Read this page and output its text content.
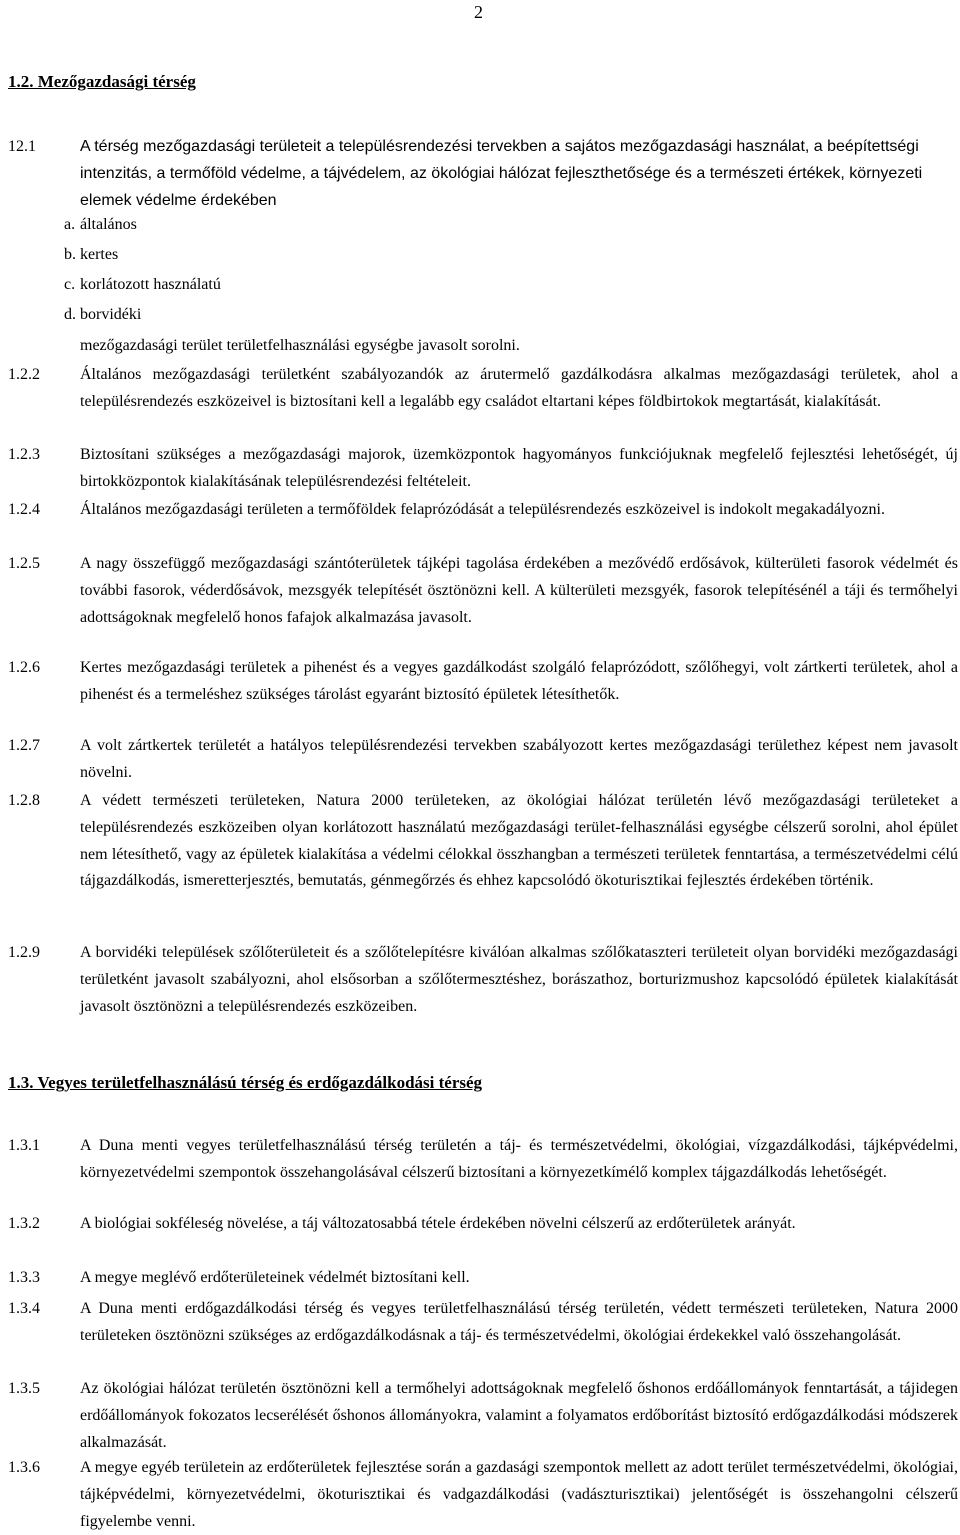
2
1.2. Mezőgazdasági térség
12.1	A térség mezőgazdasági területeit a településrendezési tervekben a sajátos mezőgazdasági használat, a beépítettségi intenzitás, a termőföld védelme, a tájvédelem, az ökológiai hálózat fejleszthetősége és a természeti értékek, környezeti elemek védelme érdekében
a. általános
b. kertes
c. korlátozott használatú
d. borvidéki
mezőgazdasági terület területfelhasználási egységbe javasolt sorolni.
1.2.2	Általános mezőgazdasági területként szabályozandók az árutermelő gazdálkodásra alkalmas mezőgazdasági területek, ahol a településrendezés eszközeivel is biztosítani kell a legalább egy családot eltartani képes földbirtokok megtartását, kialakítását.
1.2.3	Biztosítani szükséges a mezőgazdasági majorok, üzemközpontok hagyományos funkciójuknak megfelelő fejlesztési lehetőségét, új birtokközpontok kialakításának településrendezési feltételeit.
1.2.4	Általános mezőgazdasági területen a termőföldek felaprózódását a településrendezés eszközeivel is indokolt megakadályozni.
1.2.5	A nagy összefüggő mezőgazdasági szántóterületek tájképi tagolása érdekében a mezővédő erdősávok, külterületi fasorok védelmét és további fasorok, véderdősávok, mezsgyék telepítését ösztönözni kell. A külterületi mezsgyék, fasorok telepítésénél a táji és termőhelyi adottságoknak megfelelő honos fafajok alkalmazása javasolt.
1.2.6	Kertes mezőgazdasági területek a pihenést és a vegyes gazdálkodást szolgáló felaprózódott, szőlőhegyi, volt zártkerti területek, ahol a pihenést és a termeléshez szükséges tárolást egyaránt biztosító épületek létesíthetők.
1.2.7	A volt zártkertek területét a hatályos településrendezési tervekben szabályozott kertes mezőgazdasági területhez képest nem javasolt növelni.
1.2.8	A védett természeti területeken, Natura 2000 területeken, az ökológiai hálózat területén lévő mezőgazdasági területeket a településrendezés eszközeiben olyan korlátozott használatú mezőgazdasági terület-felhasználási egységbe célszerű sorolni, ahol épület nem létesíthető, vagy az épületek kialakítása a védelmi célokkal összhangban a természeti területek fenntartása, a természetvédelmi célú tájgazdálkodás, ismeretterjesztés, bemutatás, génmegőrzés és ehhez kapcsolódó ökoturisztikai fejlesztés érdekében történik.
1.2.9	A borvidéki települések szőlőterületeit és a szőlőtelepítésre kiválóan alkalmas szőlőkataszteri területeit olyan borvidéki mezőgazdasági területként javasolt szabályozni, ahol elsősorban a szőlőtermesztéshez, borászathoz, borturizmushoz kapcsolódó épületek kialakítását javasolt ösztönözni a településrendezés eszközeiben.
1.3. Vegyes területfelhasználású térség és erdőgazdálkodási térség
1.3.1	A Duna menti vegyes területfelhasználású térség területén a táj- és természetvédelmi, ökológiai, vízgazdálkodási, tájképvédelmi, környezetvédelmi szempontok összehangolásával célszerű biztosítani a környezetkímélő komplex tájgazdálkodás lehetőségét.
1.3.2	A biológiai sokféleség növelése, a táj változatosabbá tétele érdekében növelni célszerű az erdőterületek arányát.
1.3.3	A megye meglévő erdőterületeinek védelmét biztosítani kell.
1.3.4	A Duna menti erdőgazdálkodási térség és vegyes területfelhasználású térség területén, védett természeti területeken, Natura 2000 területeken ösztönözni szükséges az erdőgazdálkodásnak a táj- és természetvédelmi, ökológiai érdekekkel való összehangolását.
1.3.5	Az ökológiai hálózat területén ösztönözni kell a termőhelyi adottságoknak megfelelő őshonos erdőállományok fenntartását, a tájidegen erdőállományok fokozatos lecserélését őshonos állományokra, valamint a folyamatos erdőborítást biztosító erdőgazdálkodási módszerek alkalmazását.
1.3.6	A megye egyéb területein az erdőterületek fejlesztése során a gazdasági szempontok mellett az adott terület természetvédelmi, ökológiai, tájképvédelmi, környezetvédelmi, ökoturisztikai és vadgazdálkodási (vadászturisztikai) jelentőségét is összehangolni célszerű figyelembe venni.
